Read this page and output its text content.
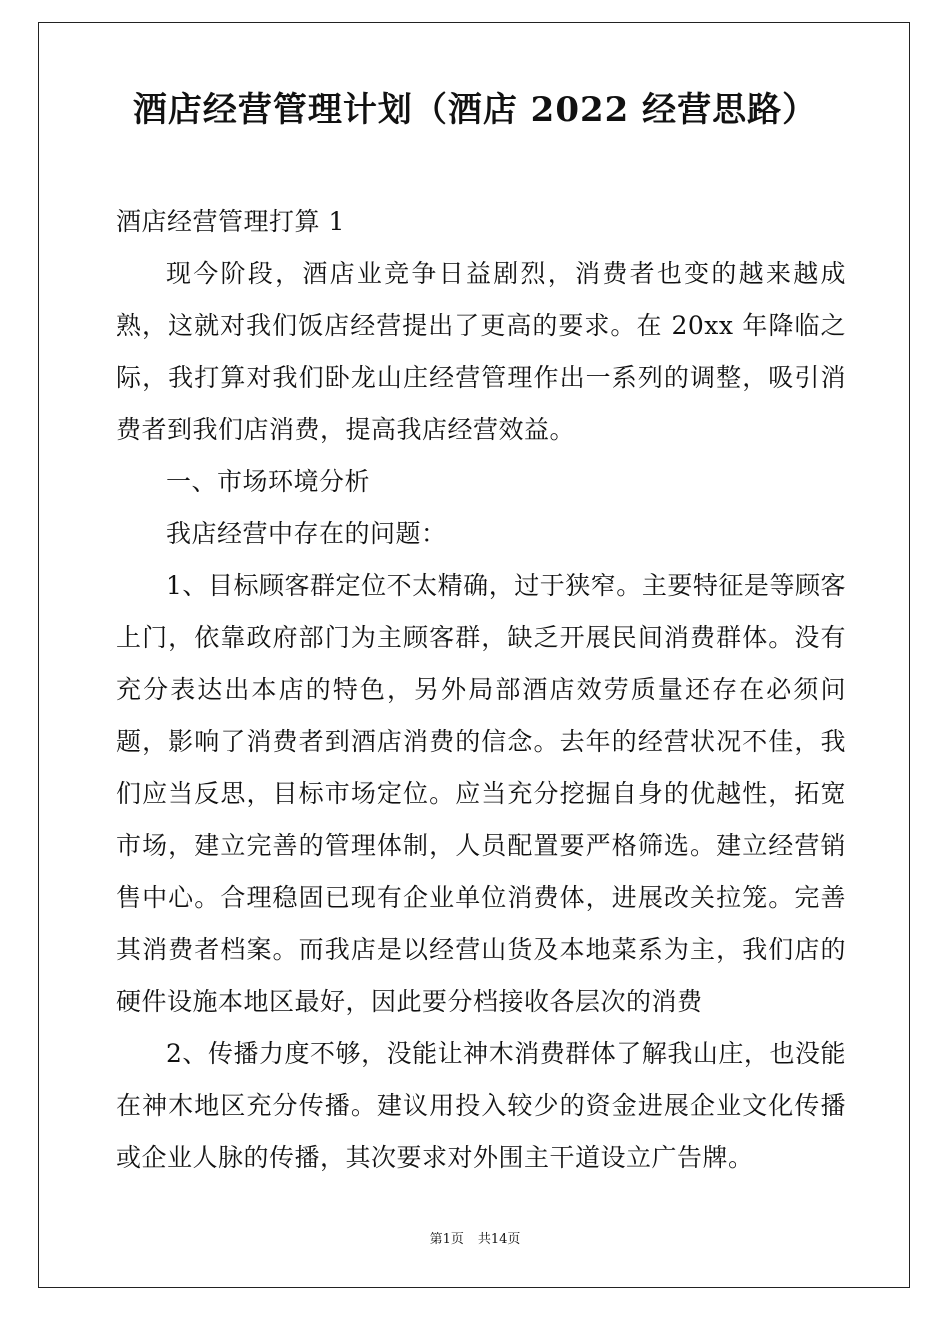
酒店经营管理计划（酒店 2022 经营思路）

酒店经营管理打算 1

现今阶段，酒店业竞争日益剧烈，消费者也变的越来越成熟，这就对我们饭店经营提出了更高的要求。在 20xx 年降临之际，我打算对我们卧龙山庄经营管理作出一系列的调整，吸引消费者到我们店消费，提高我店经营效益。

一、市场环境分析

我店经营中存在的问题：

1、目标顾客群定位不太精确，过于狭窄。主要特征是等顾客上门，依靠政府部门为主顾客群，缺乏开展民间消费群体。没有充分表达出本店的特色，另外局部酒店效劳质量还存在必须问题，影响了消费者到酒店消费的信念。去年的经营状况不佳，我们应当反思，目标市场定位。应当充分挖掘自身的优越性，拓宽市场，建立完善的管理体制，人员配置要严格筛选。建立经营销售中心。合理稳固已现有企业单位消费体，进展改关拉笼。完善其消费者档案。而我店是以经营山货及本地菜系为主，我们店的硬件设施本地区最好，因此要分档接收各层次的消费

2、传播力度不够，没能让神木消费群体了解我山庄，也没能在神木地区充分传播。建议用投入较少的资金进展企业文化传播或企业人脉的传播，其次要求对外围主干道设立广告牌。

第1页 共14页
